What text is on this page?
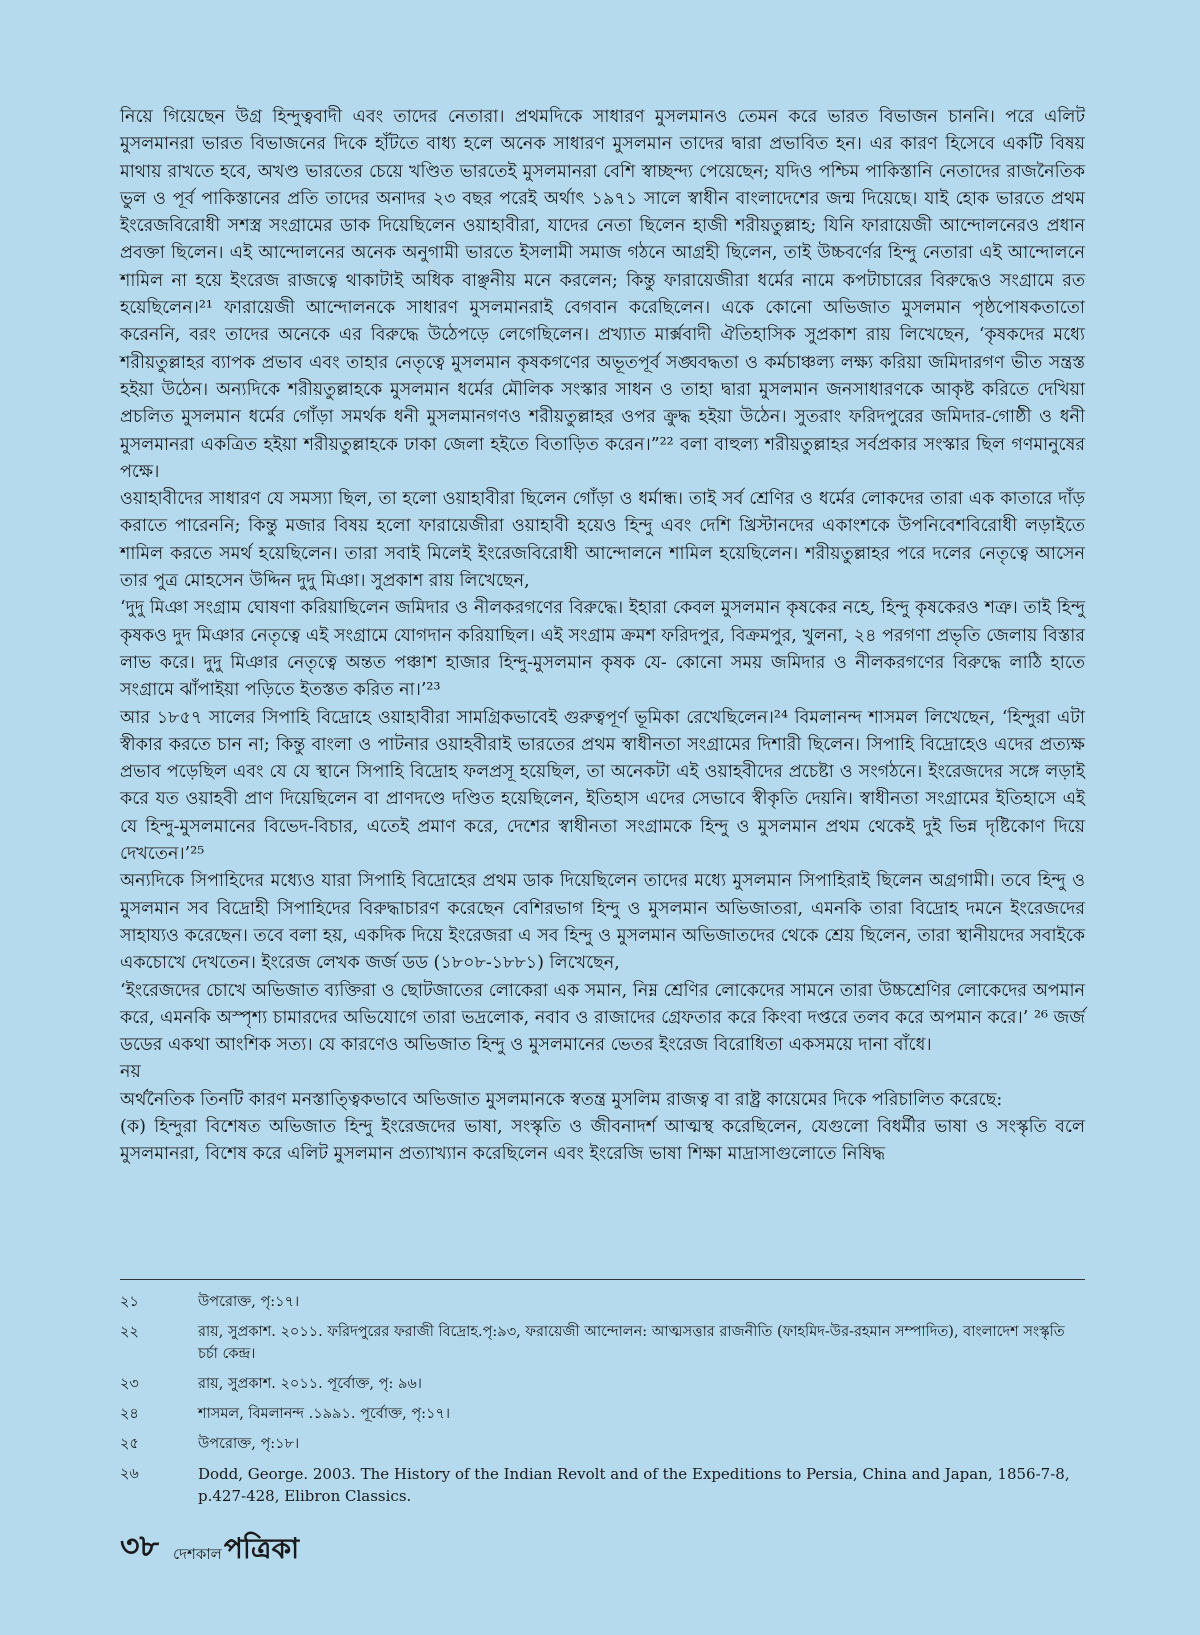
নিয়ে গিয়েছেন উগ্র হিন্দুত্ববাদী এবং তাদের নেতারা। প্রথমদিকে সাধারণ মুসলমানও তেমন করে ভারত বিভাজন চাননি। পরে এলিট মুসলমানরা ভারত বিভাজনের দিকে হাঁটতে বাধ্য হলে অনেক সাধারণ মুসলমান তাদের দ্বারা প্রভাবিত হন। এর কারণ হিসেবে একটি বিষয় মাথায় রাখতে হবে, অখণ্ড ভারতের চেয়ে খণ্ডিত ভারতেই মুসলমানরা বেশি স্বাচ্ছন্দ্য পেয়েছেন; যদিও পশ্চিম পাকিস্তানি নেতাদের রাজনৈতিক ভুল ও পূর্ব পাকিস্তানের প্রতি তাদের অনাদর ২৩ বছর পরেই অর্থাৎ ১৯৭১ সালে স্বাধীন বাংলাদেশের জন্ম দিয়েছে। যাই হোক ভারতে প্রথম ইংরেজবিরোধী সশস্ত্র সংগ্রামের ডাক দিয়েছিলেন ওয়াহাবীরা, যাদের নেতা ছিলেন হাজী শরীয়তুল্লাহ; যিনি ফারায়েজী আন্দোলনেরও প্রধান প্রবক্তা ছিলেন। এই আন্দোলনের অনেক অনুগামী ভারতে ইসলামী সমাজ গঠনে আগ্রহী ছিলেন, তাই উচ্চবর্ণের হিন্দু নেতারা এই আন্দোলনে শামিল না হয়ে ইংরেজ রাজত্বে থাকাটাই অধিক বাঞ্ছনীয় মনে করলেন; কিন্তু ফারায়েজীরা ধর্মের নামে কপটাচারের বিরুদ্ধেও সংগ্রামে রত হয়েছিলেন।²¹ ফারায়েজী আন্দোলনকে সাধারণ মুসলমানরাই বেগবান করেছিলেন। একে কোনো অভিজাত মুসলমান পৃষ্ঠপোষকতাতো করেননি, বরং তাদের অনেকে এর বিরুদ্ধে উঠেপড়ে লেগেছিলেন। প্রখ্যাত মার্ক্সবাদী ঐতিহাসিক সুপ্রকাশ রায় লিখেছেন, ‘কৃষকদের মধ্যে শরীয়তুল্লাহর ব্যাপক প্রভাব এবং তাহার নেতৃত্বে মুসলমান কৃষকগণের অভূতপূর্ব সঙ্ঘবদ্ধতা ও কর্মচাঞ্চল্য লক্ষ্য করিয়া জমিদারগণ ভীত সন্ত্রস্ত হইয়া উঠেন। অন্যদিকে শরীয়তুল্লাহকে মুসলমান ধর্মের মৌলিক সংস্কার সাধন ও তাহা দ্বারা মুসলমান জনসাধারণকে আকৃষ্ট করিতে দেখিয়া প্রচলিত মুসলমান ধর্মের গোঁড়া সমর্থক ধনী মুসলমানগণও শরীয়তুল্লাহর ওপর ক্রুদ্ধ হইয়া উঠেন। সুতরাং ফরিদপুরের জমিদার-গোষ্ঠী ও ধনী মুসলমানরা একত্রিত হইয়া শরীয়তুল্লাহকে ঢাকা জেলা হইতে বিতাড়িত করেন।”²² বলা বাহুল্য শরীয়তুল্লাহর সর্বপ্রকার সংস্কার ছিল গণমানুষের পক্ষে।

ওয়াহাবীদের সাধারণ যে সমস্যা ছিল, তা হলো ওয়াহাবীরা ছিলেন গোঁড়া ও ধর্মান্ধ। তাই সর্ব শ্রেণির ও ধর্মের লোকদের তারা এক কাতারে দাঁড় করাতে পারেননি; কিন্তু মজার বিষয় হলো ফারায়েজীরা ওয়াহাবী হয়েও হিন্দু এবং দেশি খ্রিস্টানদের একাংশকে উপনিবেশবিরোধী লড়াইতে শামিল করতে সমর্থ হয়েছিলেন। তারা সবাই মিলেই ইংরেজবিরোধী আন্দোলনে শামিল হয়েছিলেন। শরীয়তুল্লাহর পরে দলের নেতৃত্বে আসেন তার পুত্র মোহসেন উদ্দিন দুদু মিঞা। সুপ্রকাশ রায় লিখেছেন,

‘দুদু মিঞা সংগ্রাম ঘোষণা করিয়াছিলেন জমিদার ও নীলকরগণের বিরুদ্ধে। ইহারা কেবল মুসলমান কৃষকের নহে, হিন্দু কৃষকেরও শত্রু। তাই হিন্দু কৃষকও দুদ মিঞার নেতৃত্বে এই সংগ্রামে যোগদান করিয়াছিল। এই সংগ্রাম ক্রমশ ফরিদপুর, বিক্রমপুর, খুলনা, ২৪ পরগণা প্রভৃতি জেলায় বিস্তার লাভ করে। দুদু মিঞার নেতৃত্বে অন্তত পঞ্চাশ হাজার হিন্দু-মুসলমান কৃষক যে- কোনো সময় জমিদার ও নীলকরগণের বিরুদ্ধে লাঠি হাতে সংগ্রামে ঝাঁপাইয়া পড়িতে ইতস্তত করিত না।’²³

আর ১৮৫৭ সালের সিপাহি বিদ্রোহে ওয়াহাবীরা সামগ্রিকভাবেই গুরুত্বপূর্ণ ভূমিকা রেখেছিলেন।²⁴ বিমলানন্দ শাসমল লিখেছেন, ‘হিন্দুরা এটা স্বীকার করতে চান না; কিন্তু বাংলা ও পাটনার ওয়াহবীরাই ভারতের প্রথম স্বাধীনতা সংগ্রামের দিশারী ছিলেন। সিপাহি বিদ্রোহেও এদের প্রত্যক্ষ প্রভাব পড়েছিল এবং যে যে স্থানে সিপাহি বিদ্রোহ ফলপ্রসূ হয়েছিল, তা অনেকটা এই ওয়াহবীদের প্রচেষ্টা ও সংগঠনে। ইংরেজদের সঙ্গে লড়াই করে যত ওয়াহবী প্রাণ দিয়েছিলেন বা প্রাণদণ্ডে দণ্ডিত হয়েছিলেন, ইতিহাস এদের সেভাবে স্বীকৃতি দেয়নি। স্বাধীনতা সংগ্রামের ইতিহাসে এই যে হিন্দু-মুসলমানের বিভেদ-বিচার, এতেই প্রমাণ করে, দেশের স্বাধীনতা সংগ্রামকে হিন্দু ও মুসলমান প্রথম থেকেই দুই ভিন্ন দৃষ্টিকোণ দিয়ে দেখতেন।’²⁵

অন্যদিকে সিপাহিদের মধ্যেও যারা সিপাহি বিদ্রোহের প্রথম ডাক দিয়েছিলেন তাদের মধ্যে মুসলমান সিপাহিরাই ছিলেন অগ্রগামী। তবে হিন্দু ও মুসলমান সব বিদ্রোহী সিপাহিদের বিরুদ্ধাচারণ করেছেন বেশিরভাগ হিন্দু ও মুসলমান অভিজাতরা, এমনকি তারা বিদ্রোহ দমনে ইংরেজদের সাহায্যও করেছেন। তবে বলা হয়, একদিক দিয়ে ইংরেজরা এ সব হিন্দু ও মুসলমান অভিজাতদের থেকে শ্রেয় ছিলেন, তারা স্থানীয়দের সবাইকে একচোখে দেখতেন। ইংরেজ লেখক জর্জ ডড (১৮০৮-১৮৮১) লিখেছেন,

‘ইংরেজদের চোখে অভিজাত ব্যক্তিরা ও ছোটজাতের লোকেরা এক সমান, নিম্ন শ্রেণির লোকেদের সামনে তারা উচ্চশ্রেণির লোকেদের অপমান করে, এমনকি অস্পৃশ্য চামারদের অভিযোগে তারা ভদ্রলোক, নবাব ও রাজাদের গ্রেফতার করে কিংবা দপ্তরে তলব করে অপমান করে।’ ²⁶ জর্জ ডডের একথা আংশিক সত্য। যে কারণেও অভিজাত হিন্দু ও মুসলমানের ভেতর ইংরেজ বিরোধিতা একসময়ে দানা বাঁধে।

নয়

অর্থনৈতিক তিনটি কারণ মনস্তাত্ত্বিকভাবে অভিজাত মুসলমানকে স্বতন্ত্র মুসলিম রাজত্ব বা রাষ্ট্র কায়েমের দিকে পরিচালিত করেছে:

(ক) হিন্দুরা বিশেষত অভিজাত হিন্দু ইংরেজদের ভাষা, সংস্কৃতি ও জীবনাদর্শ আত্মস্থ করেছিলেন, যেগুলো বিধর্মীর ভাষা ও সংস্কৃতি বলে মুসলমানরা, বিশেষ করে এলিট মুসলমান প্রত্যাখ্যান করেছিলেন এবং ইংরেজি ভাষা শিক্ষা মাদ্রাসাগুলোতে নিষিদ্ধ

২১	উপরোক্ত, পৃ:১৭।
২২	রায়, সুপ্রকাশ. ২০১১. ফরিদপুরের ফরাজী বিদ্রোহ.পৃ:৯৩, ফরায়েজী আন্দোলন: আত্মসত্তার রাজনীতি (ফাহমিদ-উর-রহমান সম্পাদিত), বাংলাদেশ সংস্কৃতি চর্চা কেন্দ্র।
২৩	রায়, সুপ্রকাশ. ২০১১. পূর্বোক্ত, পৃ: ৯৬।
২৪	শাসমল, বিমলানন্দ .১৯৯১. পূর্বোক্ত, পৃ:১৭।
২৫	উপরোক্ত, পৃ:১৮।
২৬	Dodd, George. 2003. The History of the Indian Revolt and of the Expeditions to Persia, China and Japan, 1856-7-8, p.427-428, Elibron Classics.
৩৮ দেশকাল পত্রিকা
